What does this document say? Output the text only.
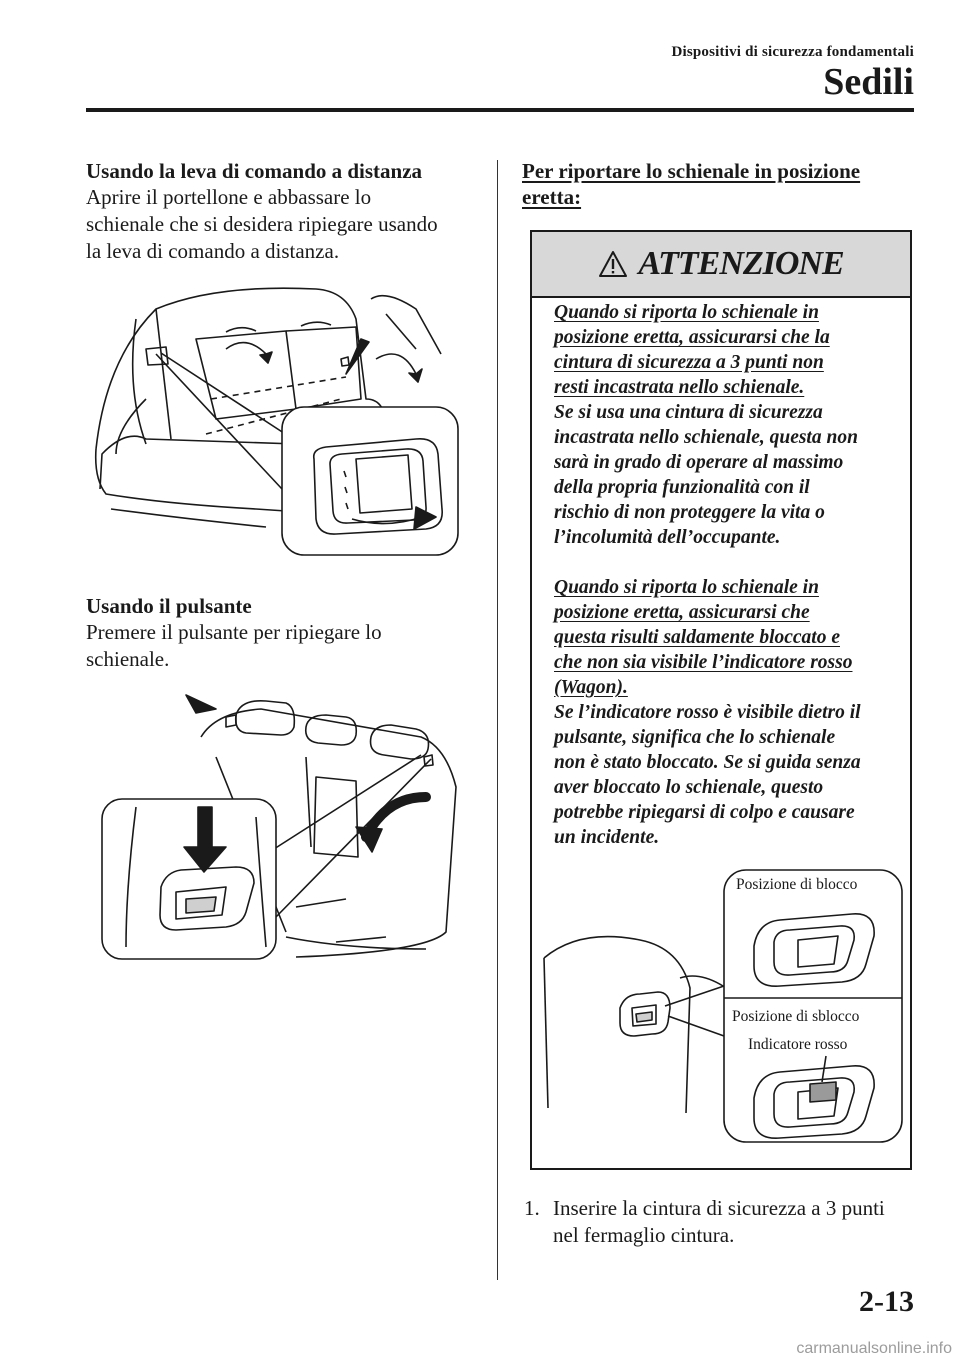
Dispositivi di sicurezza fondamentali
Sedili

Usando la leva di comando a distanza

Aprire il portellone e abbassare lo

schienale che si desidera ripiegare usando

la leva di comando a distanza.

Usando il pulsante

Premere il pulsante per ripiegare lo

schienale.

Per riportare lo schienale in posizione

eretta:

ATTENZIONE

Quando si riporta lo schienale in

posizione eretta, assicurarsi che la

cintura di sicurezza a 3 punti non

resti incastrata nello schienale.

Se si usa una cintura di sicurezza

incastrata nello schienale, questa non

sarà in grado di operare al massimo

della propria funzionalità con il

rischio di non proteggere la vita o

l’incolumità dell’occupante.

Quando si riporta lo schienale in

posizione eretta, assicurarsi che

questa risulti saldamente bloccato e

che non sia visibile l’indicatore rosso

(Wagon).

Se l’indicatore rosso è visibile dietro il

pulsante, significa che lo schienale

non è stato bloccato. Se si guida senza

aver bloccato lo schienale, questo

potrebbe ripiegarsi di colpo e causare

un incidente.

Posizione di blocco
Posizione di sblocco
Indicatore rosso
1. Inserire la cintura di sicurezza a 3 punti
nel fermaglio cintura.
2-13
carmanualsonline.info
